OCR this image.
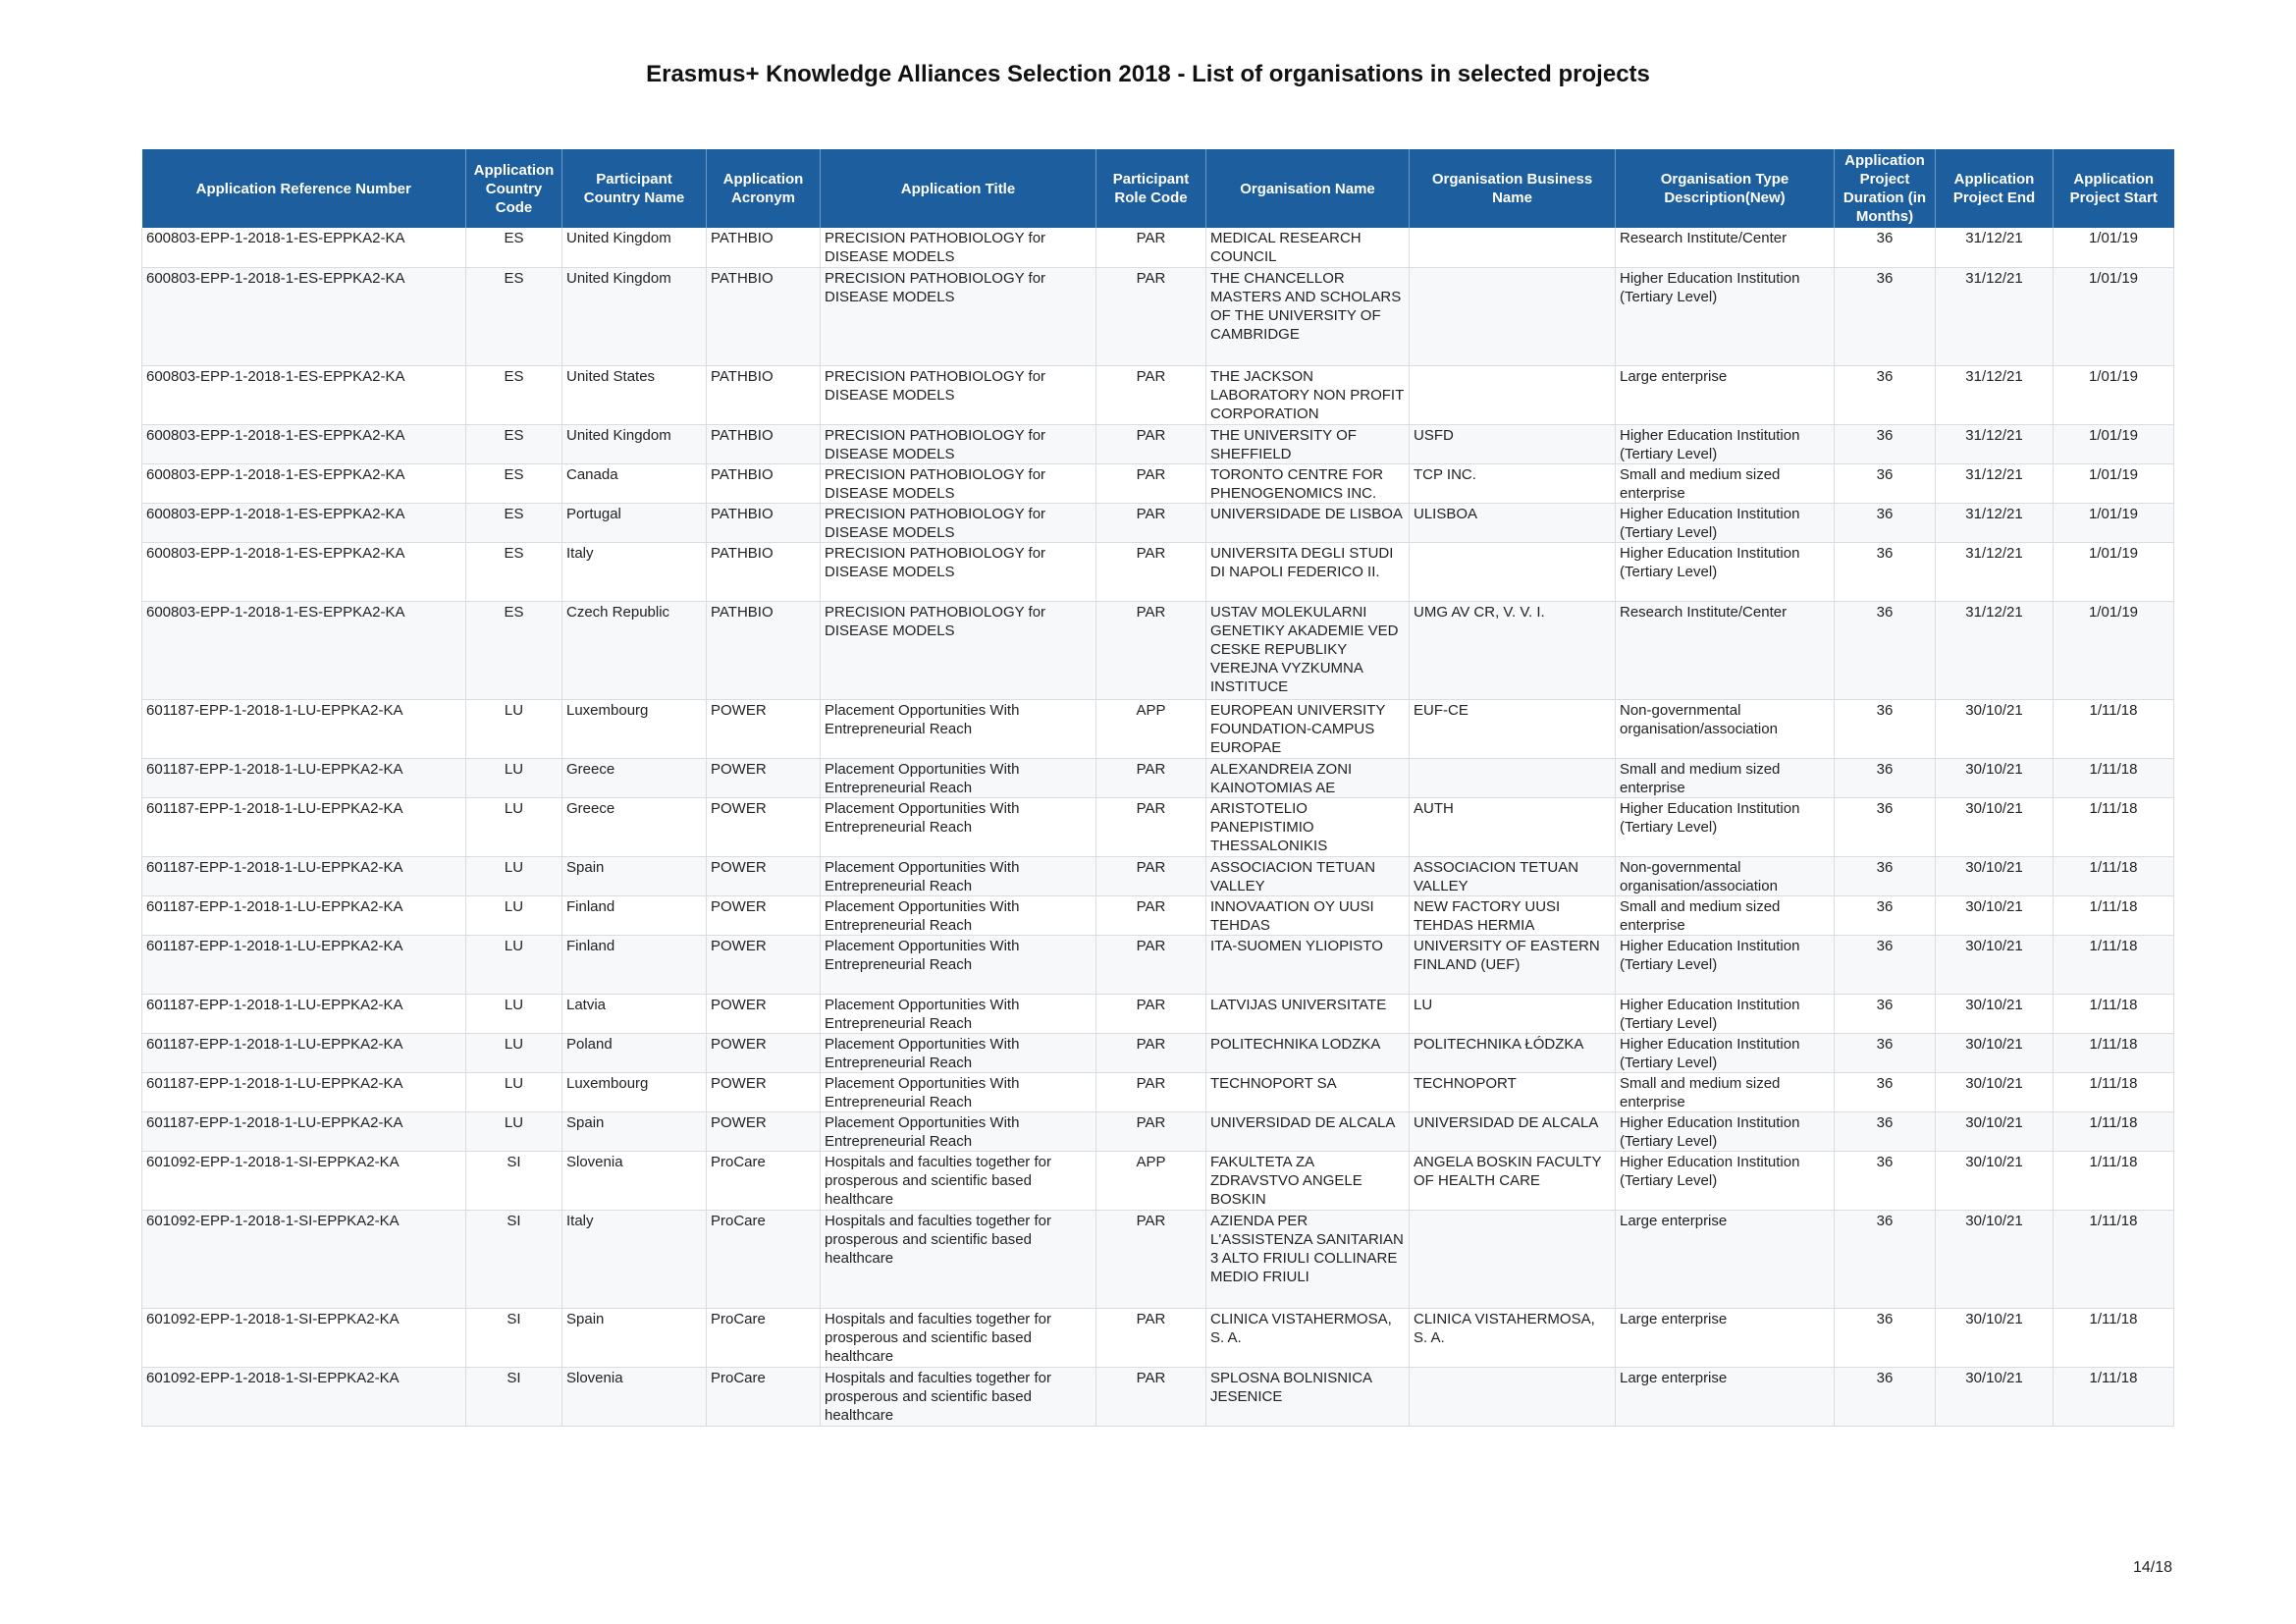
Erasmus+ Knowledge Alliances Selection 2018 - List of organisations in selected projects
Application Reference Number	Application Country Code	Participant Country Name	Application Acronym	Application Title	Participant Role Code	Organisation Name	Organisation Business Name	Organisation Type Description(New)	Application Project Duration (in Months)	Application Project End	Application Project Start
600803-EPP-1-2018-1-ES-EPPKA2-KA	ES	United Kingdom	PATHBIO	PRECISION PATHOBIOLOGY for DISEASE MODELS	PAR	MEDICAL RESEARCH COUNCIL		Research Institute/Center	36	31/12/21	1/01/19
600803-EPP-1-2018-1-ES-EPPKA2-KA	ES	United Kingdom	PATHBIO	PRECISION PATHOBIOLOGY for DISEASE MODELS	PAR	THE CHANCELLOR MASTERS AND SCHOLARS OF THE UNIVERSITY OF CAMBRIDGE		Higher Education Institution (Tertiary Level)	36	31/12/21	1/01/19
600803-EPP-1-2018-1-ES-EPPKA2-KA	ES	United States	PATHBIO	PRECISION PATHOBIOLOGY for DISEASE MODELS	PAR	THE JACKSON LABORATORY NON PROFIT CORPORATION		Large enterprise	36	31/12/21	1/01/19
600803-EPP-1-2018-1-ES-EPPKA2-KA	ES	United Kingdom	PATHBIO	PRECISION PATHOBIOLOGY for DISEASE MODELS	PAR	THE UNIVERSITY OF SHEFFIELD	USFD	Higher Education Institution (Tertiary Level)	36	31/12/21	1/01/19
600803-EPP-1-2018-1-ES-EPPKA2-KA	ES	Canada	PATHBIO	PRECISION PATHOBIOLOGY for DISEASE MODELS	PAR	TORONTO CENTRE FOR PHENOGENOMICS INC.	TCP INC.	Small and medium sized enterprise	36	31/12/21	1/01/19
600803-EPP-1-2018-1-ES-EPPKA2-KA	ES	Portugal	PATHBIO	PRECISION PATHOBIOLOGY for DISEASE MODELS	PAR	UNIVERSIDADE DE LISBOA	ULISBOA	Higher Education Institution (Tertiary Level)	36	31/12/21	1/01/19
600803-EPP-1-2018-1-ES-EPPKA2-KA	ES	Italy	PATHBIO	PRECISION PATHOBIOLOGY for DISEASE MODELS	PAR	UNIVERSITA DEGLI STUDI DI NAPOLI FEDERICO II.		Higher Education Institution (Tertiary Level)	36	31/12/21	1/01/19
600803-EPP-1-2018-1-ES-EPPKA2-KA	ES	Czech Republic	PATHBIO	PRECISION PATHOBIOLOGY for DISEASE MODELS	PAR	USTAV MOLEKULARNI GENETIKY AKADEMIE VED CESKE REPUBLIKY VEREJNA VYZKUMNA INSTITUCE	UMG AV CR, V. V. I.	Research Institute/Center	36	31/12/21	1/01/19
601187-EPP-1-2018-1-LU-EPPKA2-KA	LU	Luxembourg	POWER	Placement Opportunities With Entrepreneurial Reach	APP	EUROPEAN UNIVERSITY FOUNDATION-CAMPUS EUROPAE	EUF-CE	Non-governmental organisation/association	36	30/10/21	1/11/18
601187-EPP-1-2018-1-LU-EPPKA2-KA	LU	Greece	POWER	Placement Opportunities With Entrepreneurial Reach	PAR	ALEXANDREIA ZONI KAINOTOMIAS AE		Small and medium sized enterprise	36	30/10/21	1/11/18
601187-EPP-1-2018-1-LU-EPPKA2-KA	LU	Greece	POWER	Placement Opportunities With Entrepreneurial Reach	PAR	ARISTOTELIO PANEPISTIMIO THESSALONIKIS	AUTH	Higher Education Institution (Tertiary Level)	36	30/10/21	1/11/18
601187-EPP-1-2018-1-LU-EPPKA2-KA	LU	Spain	POWER	Placement Opportunities With Entrepreneurial Reach	PAR	ASSOCIACION TETUAN VALLEY	ASSOCIACION TETUAN VALLEY	Non-governmental organisation/association	36	30/10/21	1/11/18
601187-EPP-1-2018-1-LU-EPPKA2-KA	LU	Finland	POWER	Placement Opportunities With Entrepreneurial Reach	PAR	INNOVAATION OY UUSI TEHDAS	NEW FACTORY UUSI TEHDAS HERMIA	Small and medium sized enterprise	36	30/10/21	1/11/18
601187-EPP-1-2018-1-LU-EPPKA2-KA	LU	Finland	POWER	Placement Opportunities With Entrepreneurial Reach	PAR	ITA-SUOMEN YLIOPISTO	UNIVERSITY OF EASTERN FINLAND (UEF)	Higher Education Institution (Tertiary Level)	36	30/10/21	1/11/18
601187-EPP-1-2018-1-LU-EPPKA2-KA	LU	Latvia	POWER	Placement Opportunities With Entrepreneurial Reach	PAR	LATVIJAS UNIVERSITATE	LU	Higher Education Institution (Tertiary Level)	36	30/10/21	1/11/18
601187-EPP-1-2018-1-LU-EPPKA2-KA	LU	Poland	POWER	Placement Opportunities With Entrepreneurial Reach	PAR	POLITECHNIKA LODZKA	POLITECHNIKA ŁÓDZKA	Higher Education Institution (Tertiary Level)	36	30/10/21	1/11/18
601187-EPP-1-2018-1-LU-EPPKA2-KA	LU	Luxembourg	POWER	Placement Opportunities With Entrepreneurial Reach	PAR	TECHNOPORT SA	TECHNOPORT	Small and medium sized enterprise	36	30/10/21	1/11/18
601187-EPP-1-2018-1-LU-EPPKA2-KA	LU	Spain	POWER	Placement Opportunities With Entrepreneurial Reach	PAR	UNIVERSIDAD DE ALCALA	UNIVERSIDAD DE ALCALA	Higher Education Institution (Tertiary Level)	36	30/10/21	1/11/18
601092-EPP-1-2018-1-SI-EPPKA2-KA	SI	Slovenia	ProCare	Hospitals and faculties together for prosperous and scientific based healthcare	APP	FAKULTETA ZA ZDRAVSTVO ANGELE BOSKIN	ANGELA BOSKIN FACULTY OF HEALTH CARE	Higher Education Institution (Tertiary Level)	36	30/10/21	1/11/18
601092-EPP-1-2018-1-SI-EPPKA2-KA	SI	Italy	ProCare	Hospitals and faculties together for prosperous and scientific based healthcare	PAR	AZIENDA PER L'ASSISTENZA SANITARIAN 3 ALTO FRIULI COLLINARE MEDIO FRIULI		Large enterprise	36	30/10/21	1/11/18
601092-EPP-1-2018-1-SI-EPPKA2-KA	SI	Spain	ProCare	Hospitals and faculties together for prosperous and scientific based healthcare	PAR	CLINICA VISTAHERMOSA, S. A.	CLINICA VISTAHERMOSA, S. A.	Large enterprise	36	30/10/21	1/11/18
601092-EPP-1-2018-1-SI-EPPKA2-KA	SI	Slovenia	ProCare	Hospitals and faculties together for prosperous and scientific based healthcare	PAR	SPLOSNA BOLNISNICA JESENICE		Large enterprise	36	30/10/21	1/11/18
14/18
